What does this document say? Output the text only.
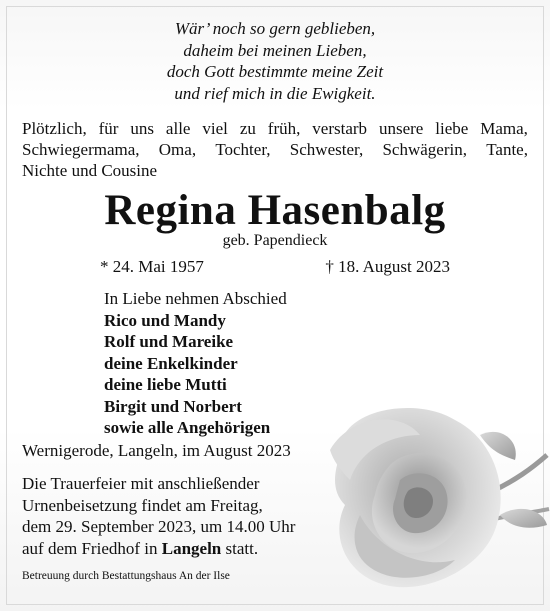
Wär’ noch so gern geblieben,
daheim bei meinen Lieben,
doch Gott bestimmte meine Zeit
und rief mich in die Ewigkeit.
Plötzlich, für uns alle viel zu früh, verstarb unsere liebe Mama,
Schwiegermama, Oma, Tochter, Schwester, Schwägerin, Tante,
Nichte und Cousine
Regina Hasenbalg
geb. Papendieck
* 24. Mai 1957	† 18. August 2023
In Liebe nehmen Abschied
Rico und Mandy
Rolf und Mareike
deine Enkelkinder
deine liebe Mutti
Birgit und Norbert
sowie alle Angehörigen
Wernigerode, Langeln, im August 2023
Die Trauerfeier mit anschließender
Urnenbeisetzung findet am Freitag,
dem 29. September 2023, um 14.00 Uhr
auf dem Friedhof in Langeln statt.
Betreuung durch Bestattungshaus An der Ilse
